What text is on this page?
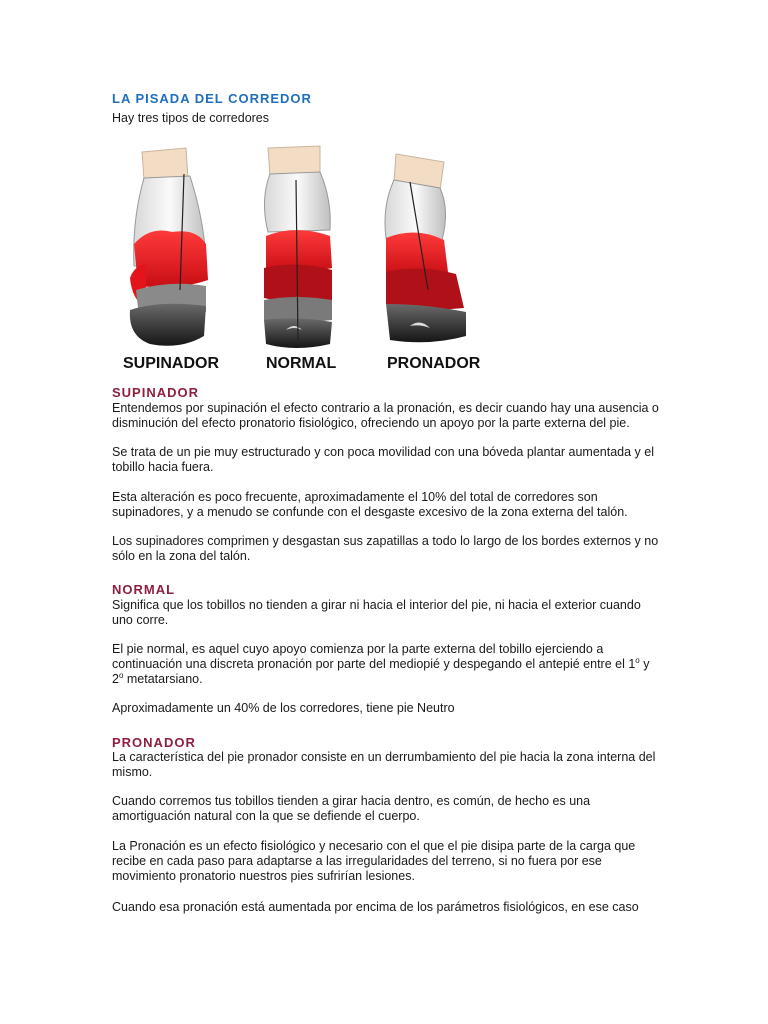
LA PISADA DEL CORREDOR

Hay tres tipos de corredores

SUPINADOR	NORMAL	PRONADOR
SUPINADOR

Entendemos por supinación el efecto contrario a la pronación, es decir cuando hay una ausencia o disminución del efecto pronatorio fisiológico, ofreciendo un apoyo por la parte externa del pie.

Se trata de un pie muy estructurado y con poca movilidad con una bóveda plantar aumentada y el tobillo hacia fuera.

Esta alteración es poco frecuente, aproximadamente el 10% del total de corredores son supinadores, y a menudo se confunde con el desgaste excesivo de la zona externa del talón.

Los supinadores comprimen y desgastan sus zapatillas a todo lo largo de los bordes externos y no sólo en la zona del talón.

NORMAL

Significa que los tobillos no tienden a girar ni hacia el interior del pie, ni hacia el exterior cuando uno corre.

El pie normal, es aquel cuyo apoyo comienza por la parte externa del tobillo ejerciendo a continuación una discreta pronación por parte del mediopié y despegando el antepié entre el 1$^o$ y 2$^o$ metatarsiano.

Aproximadamente un 40% de los corredores, tiene pie Neutro

PRONADOR

La característica del pie pronador consiste en un derrumbamiento del pie hacia la zona interna del mismo.

Cuando corremos tus tobillos tienden a girar hacia dentro, es común, de hecho es una amortiguación natural con la que se defiende el cuerpo.

La Pronación es un efecto fisiológico y necesario con el que el pie disipa parte de la carga que recibe en cada paso para adaptarse a las irregularidades del terreno, si no fuera por ese movimiento pronatorio nuestros pies sufrirían lesiones.

Cuando esa pronación está aumentada por encima de los parámetros fisiológicos, en ese caso
